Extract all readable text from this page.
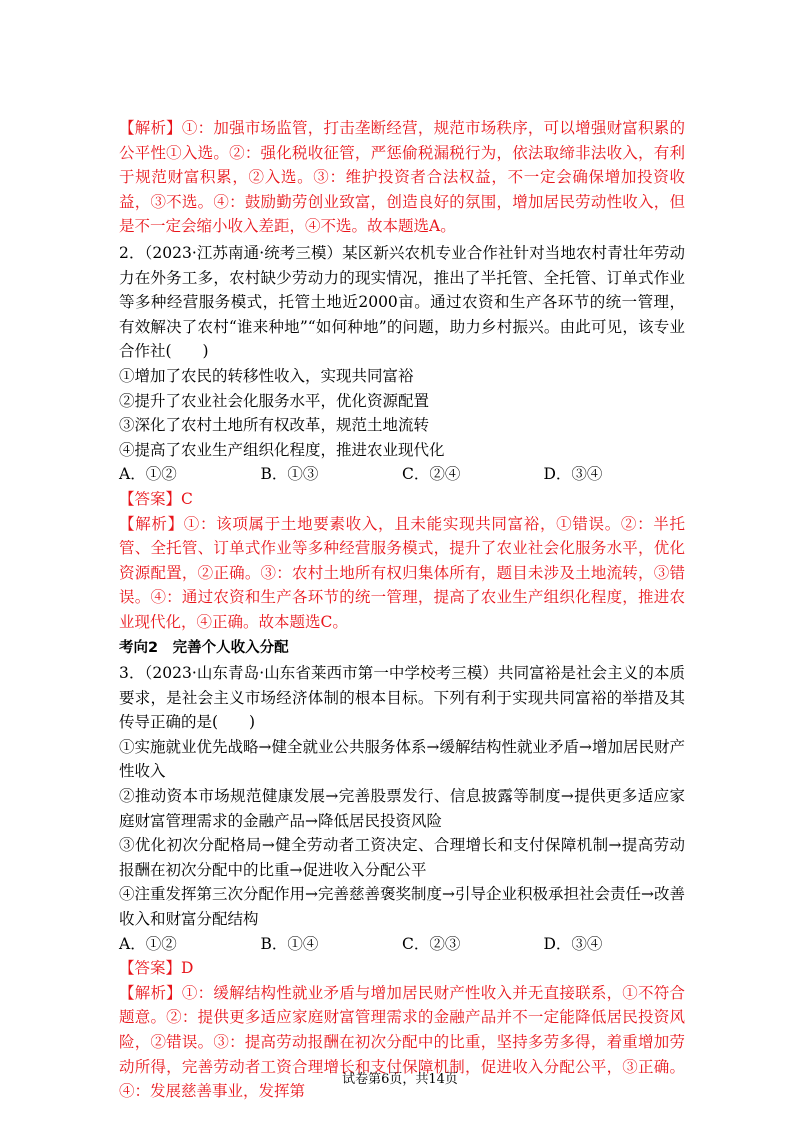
【解析】①：加强市场监管，打击垄断经营，规范市场秩序，可以增强财富积累的公平性①入选。②：强化税收征管，严惩偷税漏税行为，依法取缔非法收入，有利于规范财富积累，②入选。③：维护投资者合法权益，不一定会确保增加投资收益，③不选。④：鼓励勤劳创业致富，创造良好的氛围，增加居民劳动性收入，但是不一定会缩小收入差距，④不选。故本题选A。

2．（2023·江苏南通·统考三模）某区新兴农机专业合作社针对当地农村青壮年劳动力在外务工多，农村缺少劳动力的现实情况，推出了半托管、全托管、订单式作业等多种经营服务模式，托管土地近2000亩。通过农资和生产各环节的统一管理，有效解决了农村“谁来种地”“如何种地”的问题，助力乡村振兴。由此可见，该专业合作社(　　)

①增加了农民的转移性收入，实现共同富裕

②提升了农业社会化服务水平，优化资源配置

③深化了农村土地所有权改革，规范土地流转

④提高了农业生产组织化程度，推进农业现代化

A．①②	B．①③	C．②④	D．③④

【答案】C

【解析】①：该项属于土地要素收入，且未能实现共同富裕，①错误。②：半托管、全托管、订单式作业等多种经营服务模式，提升了农业社会化服务水平，优化资源配置，②正确。③：农村土地所有权归集体所有，题目未涉及土地流转，③错误。④：通过农资和生产各环节的统一管理，提高了农业生产组织化程度，推进农业现代化，④正确。故本题选C。

考向2　完善个人收入分配

3．（2023·山东青岛·山东省莱西市第一中学校考三模）共同富裕是社会主义的本质要求，是社会主义市场经济体制的根本目标。下列有利于实现共同富裕的举措及其传导正确的是(　　)

①实施就业优先战略→健全就业公共服务体系→缓解结构性就业矛盾→增加居民财产性收入

②推动资本市场规范健康发展→完善股票发行、信息披露等制度→提供更多适应家庭财富管理需求的金融产品→降低居民投资风险

③优化初次分配格局→健全劳动者工资决定、合理增长和支付保障机制→提高劳动报酬在初次分配中的比重→促进收入分配公平

④注重发挥第三次分配作用→完善慈善褒奖制度→引导企业积极承担社会责任→改善收入和财富分配结构

A．①②	B．①④	C．②③	D．③④

【答案】D

【解析】①：缓解结构性就业矛盾与增加居民财产性收入并无直接联系，①不符合题意。②：提供更多适应家庭财富管理需求的金融产品并不一定能降低居民投资风险，②错误。③：提高劳动报酬在初次分配中的比重，坚持多劳多得，着重增加劳动所得，完善劳动者工资合理增长和支付保障机制，促进收入分配公平，③正确。④：发展慈善事业，发挥第

试卷第6页，共14页
